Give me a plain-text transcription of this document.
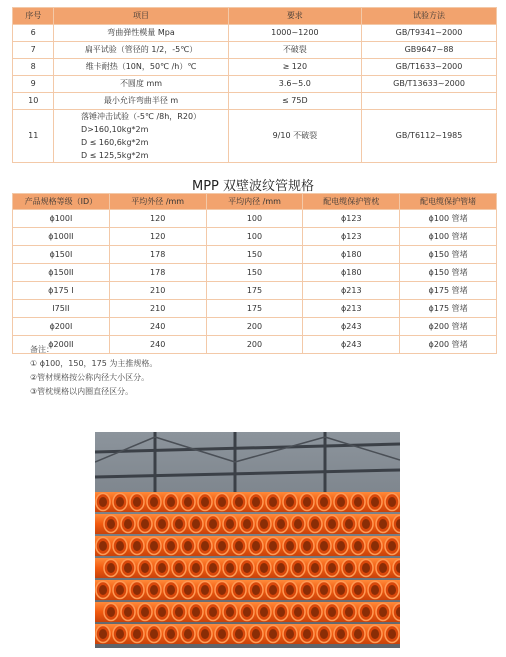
序号	项目	要求	试验方法
6	弯曲弹性模量 Mpa	1000~1200	GB/T9341~2000
7	扁平试验（管径的 1/2，-5℃）	不破裂	GB9647~88
8	维卡耐热（10N，50℃ /h）℃	≥ 120	GB/T1633~2000
9	不圆度 mm	3.6~5.0	GB/T13633~2000
10	最小允许弯曲半径 m	≤ 75D	
11	落锤冲击试验（-5℃ /8h，R20）
D>160,10kg*2m
D ≤ 160,6kg*2m
D ≤ 125,5kg*2m	9/10 不破裂	GB/T6112~1985
MPP 双壁波纹管规格
产品规格等级（ID）	平均外径 /mm	平均内径 /mm	配电缆保护管枕	配电缆保护管堵
ϕ100I	120	100	ϕ123	ϕ100 管堵
ϕ100II	120	100	ϕ123	ϕ100 管堵
ϕ150I	178	150	ϕ180	ϕ150 管堵
ϕ150II	178	150	ϕ180	ϕ150 管堵
ϕ175 I	210	175	ϕ213	ϕ175 管堵
I75II	210	175	ϕ213	ϕ175 管堵
ϕ200I	240	200	ϕ243	ϕ200 管堵
ϕ200II	240	200	ϕ243	ϕ200 管堵
备注：
① ϕ100，150，175 为主推规格。
②管材规格按公称内径大小区分。
③管枕规格以内圈直径区分。
